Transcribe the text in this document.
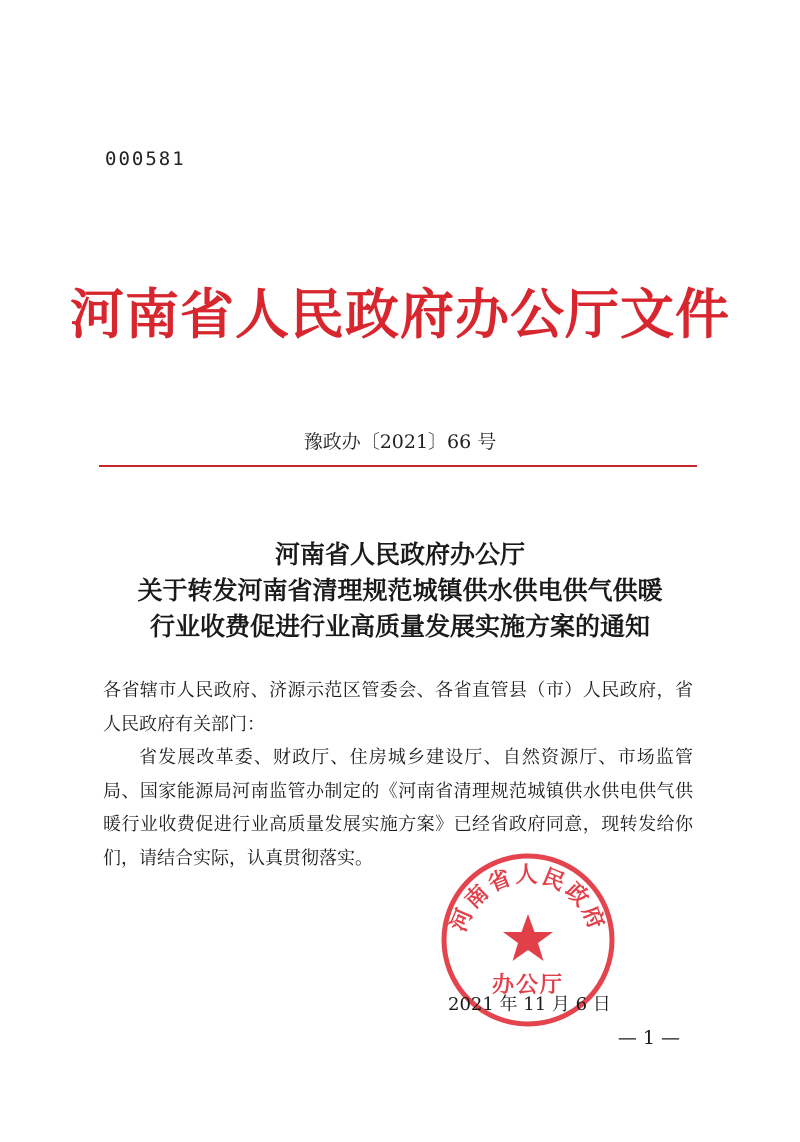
000581
河南省人民政府办公厅文件
豫政办〔2021〕66 号
河南省人民政府办公厅
关于转发河南省清理规范城镇供水供电供气供暖
行业收费促进行业高质量发展实施方案的通知

各省辖市人民政府、济源示范区管委会、各省直管县（市）人民政府，省人民政府有关部门：

省发展改革委、财政厅、住房城乡建设厅、自然资源厅、市场监管局、国家能源局河南监管办制定的《河南省清理规范城镇供水供电供气供暖行业收费促进行业高质量发展实施方案》已经省政府同意，现转发给你们，请结合实际，认真贯彻落实。

河南省人民政府
办公厅
2021 年 11 月 6 日
— 1 —
